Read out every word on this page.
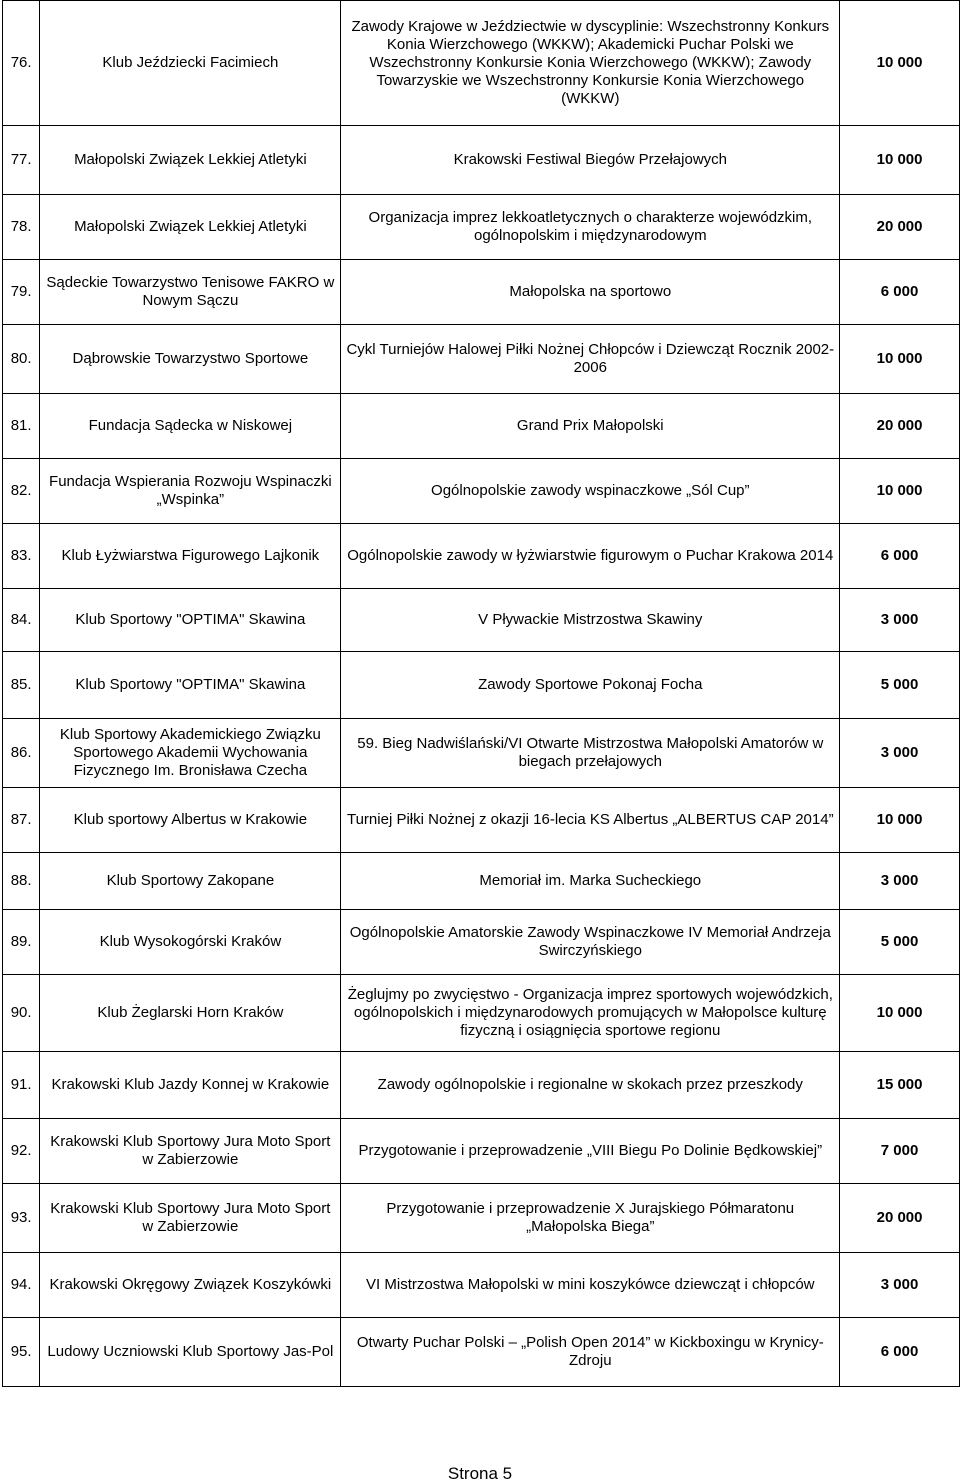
76.	Klub Jeździecki Facimiech	Zawody Krajowe w Jeździectwie w dyscyplinie: Wszechstronny Konkurs Konia Wierzchowego (WKKW); Akademicki Puchar Polski we Wszechstronny Konkursie Konia Wierzchowego (WKKW); Zawody Towarzyskie we Wszechstronny Konkursie Konia Wierzchowego (WKKW)	10 000
77.	Małopolski Związek Lekkiej Atletyki	Krakowski Festiwal Biegów Przełajowych	10 000
78.	Małopolski Związek Lekkiej Atletyki	Organizacja imprez lekkoatletycznych o charakterze wojewódzkim, ogólnopolskim i międzynarodowym	20 000
79.	Sądeckie Towarzystwo Tenisowe FAKRO w Nowym Sączu	Małopolska na sportowo	6 000
80.	Dąbrowskie Towarzystwo Sportowe	Cykl Turniejów Halowej Piłki Nożnej Chłopców i Dziewcząt Rocznik 2002-2006	10 000
81.	Fundacja Sądecka w Niskowej	Grand Prix Małopolski	20 000
82.	Fundacja Wspierania Rozwoju Wspinaczki „Wspinka”	Ogólnopolskie zawody wspinaczkowe „Sól Cup”	10 000
83.	Klub Łyżwiarstwa Figurowego Lajkonik	Ogólnopolskie zawody w łyżwiarstwie figurowym o Puchar Krakowa 2014	6 000
84.	Klub Sportowy "OPTIMA" Skawina	V Pływackie Mistrzostwa Skawiny	3 000
85.	Klub Sportowy "OPTIMA" Skawina	Zawody Sportowe Pokonaj Focha	5 000
86.	Klub Sportowy Akademickiego Związku Sportowego Akademii Wychowania Fizycznego Im. Bronisława Czecha	59. Bieg Nadwiślański/VI Otwarte Mistrzostwa Małopolski Amatorów w biegach przełajowych	3 000
87.	Klub sportowy Albertus w Krakowie	Turniej Piłki Nożnej z okazji 16-lecia KS Albertus „ALBERTUS CAP 2014”	10 000
88.	Klub Sportowy Zakopane	Memoriał im. Marka Sucheckiego	3 000
89.	Klub Wysokogórski Kraków	Ogólnopolskie Amatorskie Zawody Wspinaczkowe IV Memoriał Andrzeja Swirczyńskiego	5 000
90.	Klub Żeglarski Horn Kraków	Żeglujmy po zwycięstwo - Organizacja imprez sportowych wojewódzkich, ogólnopolskich i międzynarodowych promujących w Małopolsce kulturę fizyczną i osiągnięcia sportowe regionu	10 000
91.	Krakowski Klub Jazdy Konnej w Krakowie	Zawody ogólnopolskie i regionalne w skokach przez przeszkody	15 000
92.	Krakowski Klub Sportowy Jura Moto Sport w Zabierzowie	Przygotowanie i przeprowadzenie „VIII Biegu Po Dolinie Będkowskiej”	7 000
93.	Krakowski Klub Sportowy Jura Moto Sport w Zabierzowie	Przygotowanie i przeprowadzenie X Jurajskiego Półmaratonu „Małopolska Biega”	20 000
94.	Krakowski Okręgowy Związek Koszykówki	VI Mistrzostwa Małopolski w mini koszykówce dziewcząt i chłopców	3 000
95.	Ludowy Uczniowski Klub Sportowy Jas-Pol	Otwarty Puchar Polski – „Polish Open 2014” w Kickboxingu w Krynicy-Zdroju	6 000
Strona 5
